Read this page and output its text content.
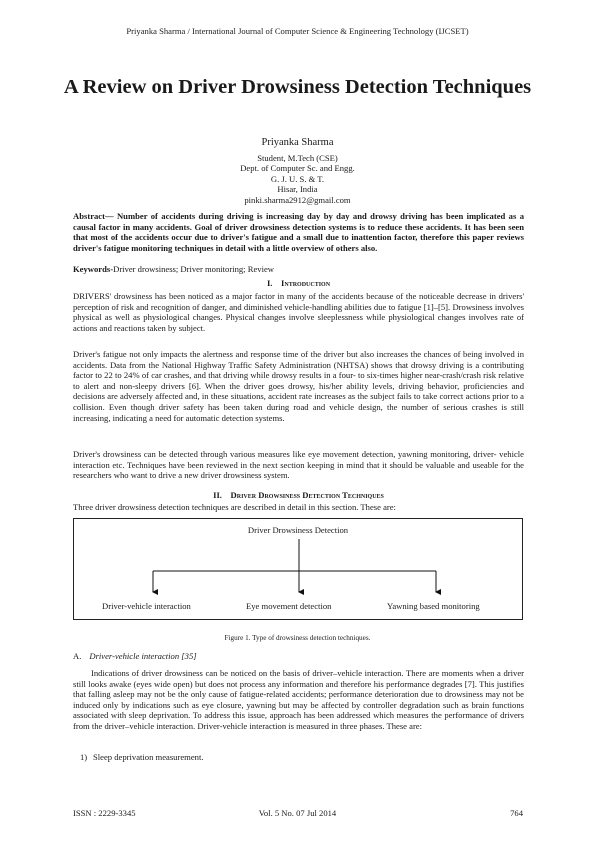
Priyanka Sharma / International Journal of Computer Science & Engineering Technology (IJCSET)
A Review on Driver Drowsiness Detection Techniques
Priyanka Sharma
Student, M.Tech (CSE)
Dept. of Computer Sc. and Engg.
G. J. U. S. & T.
Hisar, India
pinki.sharma2912@gmail.com
Abstract— Number of accidents during driving is increasing day by day and drowsy driving has been implicated as a causal factor in many accidents. Goal of driver drowsiness detection systems is to reduce these accidents. It has been seen that most of the accidents occur due to driver's fatigue and a small due to inattention factor, therefore this paper reviews driver's fatigue monitoring techniques in detail with a little overview of others also.
Keywords-Driver drowsiness; Driver monitoring; Review
I. Introduction
DRIVERS' drowsiness has been noticed as a major factor in many of the accidents because of the noticeable decrease in drivers' perception of risk and recognition of danger, and diminished vehicle-handling abilities due to fatigue [1]–[5]. Drowsiness involves physical as well as physiological changes. Physical changes involve sleeplessness while physiological changes involves rate of actions and reactions taken by subject.
Driver's fatigue not only impacts the alertness and response time of the driver but also increases the chances of being involved in accidents. Data from the National Highway Traffic Safety Administration (NHTSA) shows that drowsy driving is a contributing factor to 22 to 24% of car crashes, and that driving while drowsy results in a four- to six-times higher near-crash/crash risk relative to alert and non-sleepy drivers [6]. When the driver goes drowsy, his/her ability levels, driving behavior, proficiencies and decisions are adversely affected and, in these situations, accident rate increases as the subject fails to take correct actions prior to a collision. Even though driver safety has been taken during road and vehicle design, the number of serious crashes is still increasing, indicating a need for automatic detection systems.
Driver's drowsiness can be detected through various measures like eye movement detection, yawning monitoring, driver- vehicle interaction etc. Techniques have been reviewed in the next section keeping in mind that it should be valuable and useable for the researchers who want to drive a new driver drowsiness system.
II. Driver Drowsiness Detection Techniques
Three driver drowsiness detection techniques are described in detail in this section. These are:
Driver Drowsiness Detection
Driver-vehicle interaction	Eye movement detection	Yawning based monitoring
Figure 1. Type of drowsiness detection techniques.
A. Driver-vehicle interaction [35]
Indications of driver drowsiness can be noticed on the basis of driver–vehicle interaction. There are moments when a driver still looks awake (eyes wide open) but does not process any information and therefore his performance degrades [7]. This justifies that falling asleep may not be the only cause of fatigue-related accidents; performance deterioration due to drowsiness may not be induced only by indications such as eye closure, yawning but may be affected by controller degradation such as brain functions associated with sleep deprivation. To address this issue, approach has been addressed which measures the performance of drivers from the driver–vehicle interaction. Driver-vehicle interaction is measured in three phases. These are:
1) Sleep deprivation measurement.
ISSN : 2229-3345	Vol. 5 No. 07 Jul 2014	764
